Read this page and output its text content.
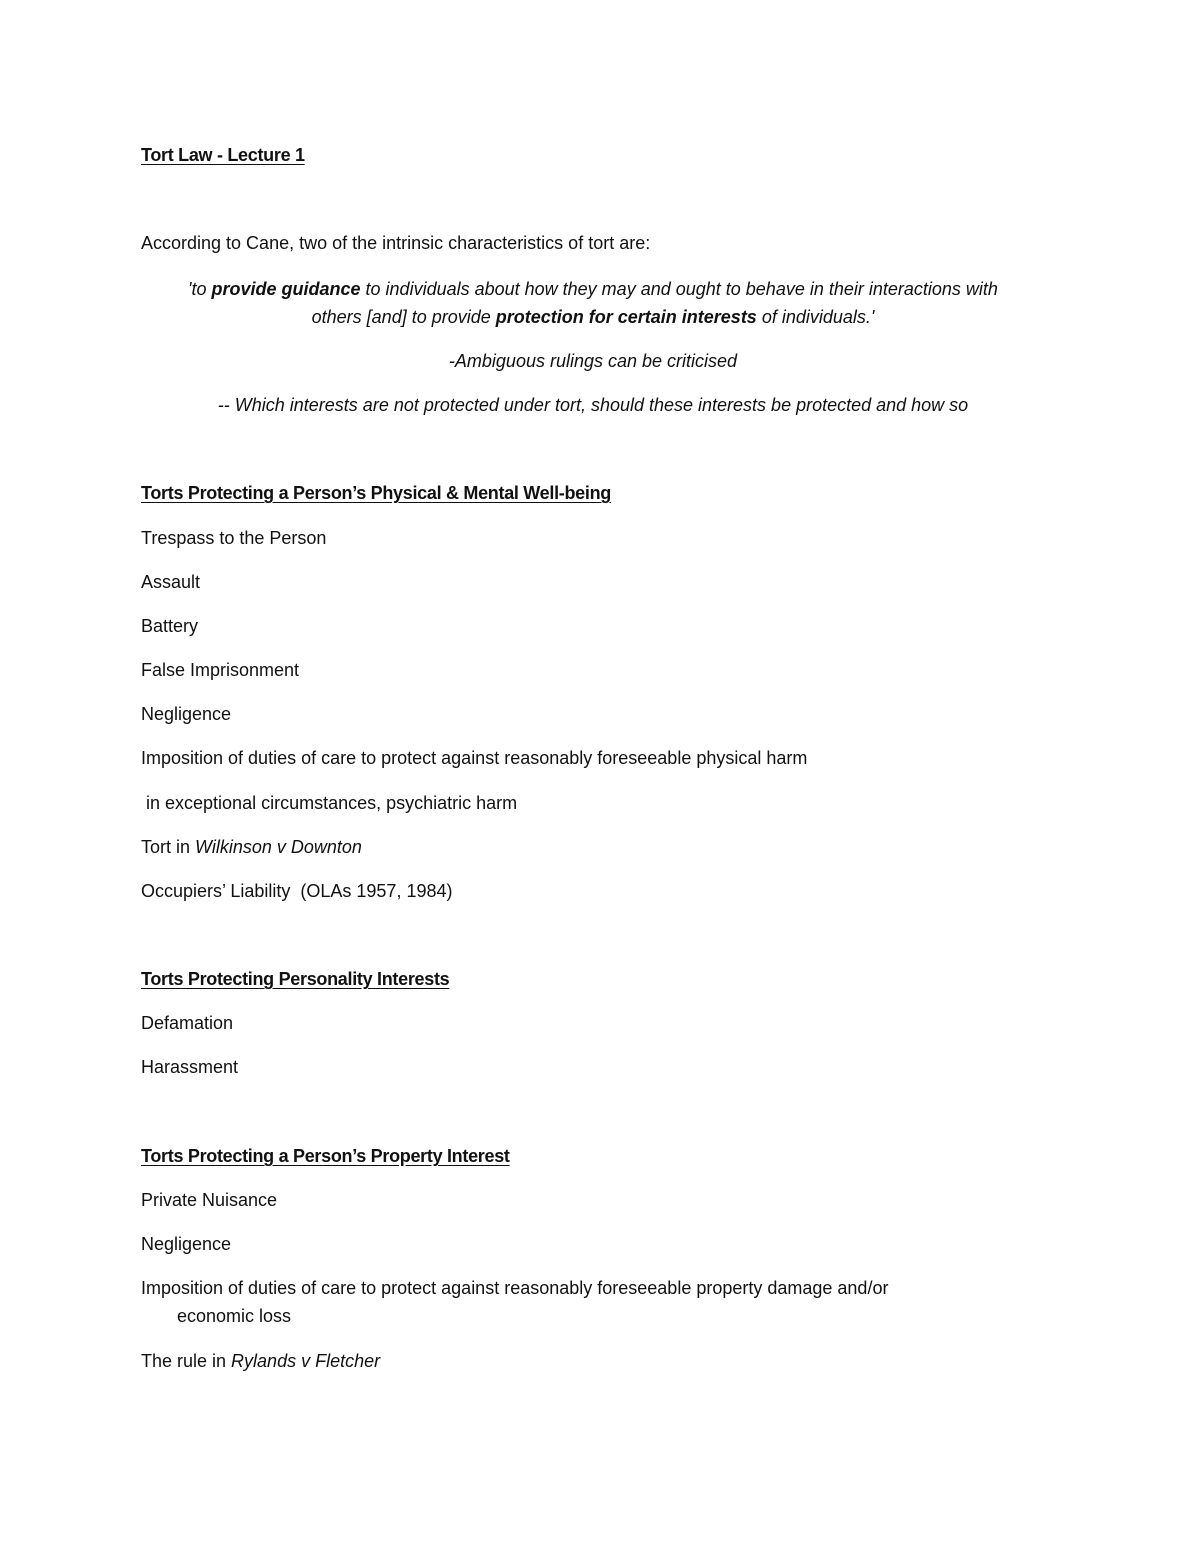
Tort Law - Lecture 1
According to Cane, two of the intrinsic characteristics of tort are:
'to provide guidance to individuals about how they may and ought to behave in their interactions with
others [and] to provide protection for certain interests of individuals.'
-Ambiguous rulings can be criticised
-- Which interests are not protected under tort, should these interests be protected and how so
Torts Protecting a Person’s Physical & Mental Well-being
Trespass to the Person
Assault
Battery
False Imprisonment
Negligence
Imposition of duties of care to protect against reasonably foreseeable physical harm
in exceptional circumstances, psychiatric harm
Tort in Wilkinson v Downton
Occupiers’ Liability  (OLAs 1957, 1984)
Torts Protecting Personality Interests
Defamation
Harassment
Torts Protecting a Person’s Property Interest
Private Nuisance
Negligence
Imposition of duties of care to protect against reasonably foreseeable property damage and/or
economic loss
The rule in Rylands v Fletcher
